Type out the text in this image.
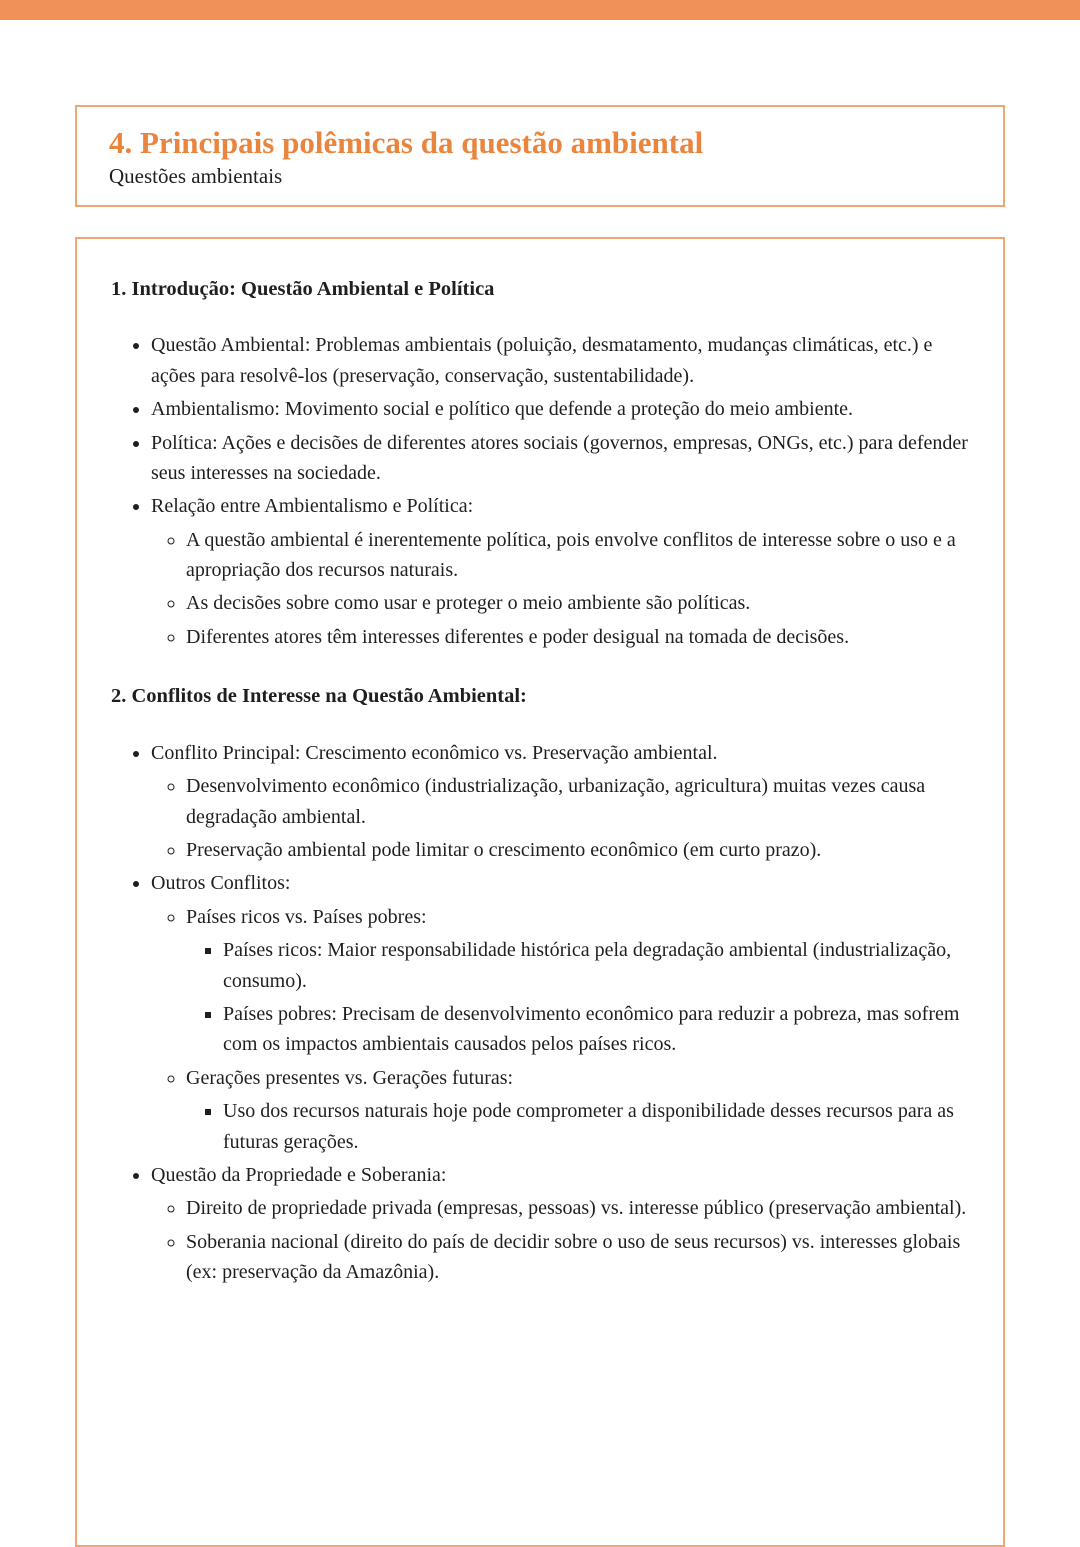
4. Principais polêmicas da questão ambiental
Questões ambientais
1. Introdução: Questão Ambiental e Política
• Questão Ambiental: Problemas ambientais (poluição, desmatamento, mudanças climáticas, etc.) e ações para resolvê-los (preservação, conservação, sustentabilidade).
• Ambientalismo: Movimento social e político que defende a proteção do meio ambiente.
• Política: Ações e decisões de diferentes atores sociais (governos, empresas, ONGs, etc.) para defender seus interesses na sociedade.
• Relação entre Ambientalismo e Política:
◦ A questão ambiental é inerentemente política, pois envolve conflitos de interesse sobre o uso e a apropriação dos recursos naturais.
◦ As decisões sobre como usar e proteger o meio ambiente são políticas.
◦ Diferentes atores têm interesses diferentes e poder desigual na tomada de decisões.
2. Conflitos de Interesse na Questão Ambiental:
• Conflito Principal: Crescimento econômico vs. Preservação ambiental.
◦ Desenvolvimento econômico (industrialização, urbanização, agricultura) muitas vezes causa degradação ambiental.
◦ Preservação ambiental pode limitar o crescimento econômico (em curto prazo).
• Outros Conflitos:
◦ Países ricos vs. Países pobres:
▪ Países ricos: Maior responsabilidade histórica pela degradação ambiental (industrialização, consumo).
▪ Países pobres: Precisam de desenvolvimento econômico para reduzir a pobreza, mas sofrem com os impactos ambientais causados pelos países ricos.
◦ Gerações presentes vs. Gerações futuras:
▪ Uso dos recursos naturais hoje pode comprometer a disponibilidade desses recursos para as futuras gerações.
• Questão da Propriedade e Soberania:
◦ Direito de propriedade privada (empresas, pessoas) vs. interesse público (preservação ambiental).
◦ Soberania nacional (direito do país de decidir sobre o uso de seus recursos) vs. interesses globais (ex: preservação da Amazônia).
